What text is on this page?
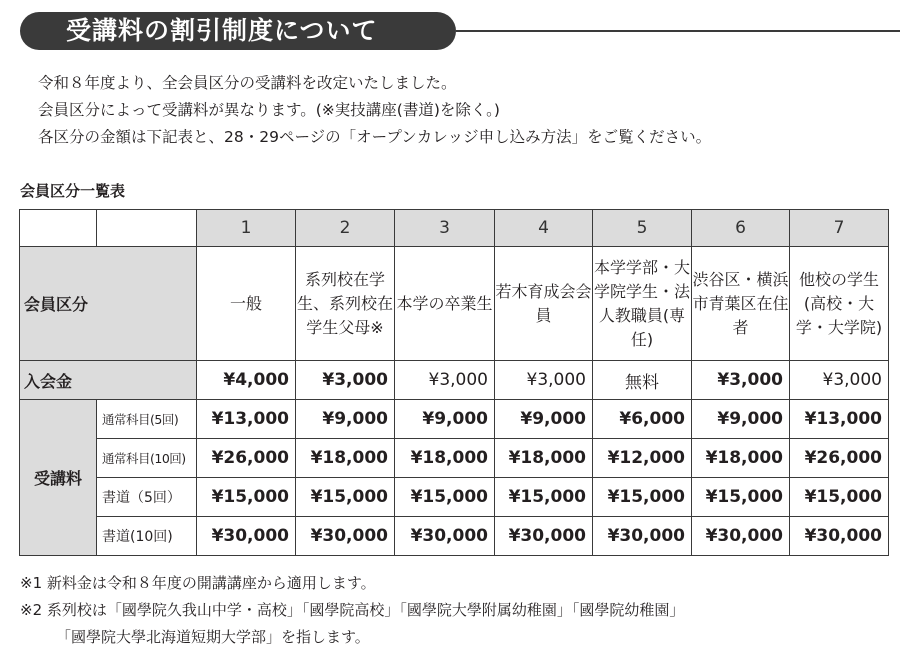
受講料の割引制度について

令和８年度より、全会員区分の受講料を改定いたしました。

会員区分によって受講料が異なります。(※実技講座(書道)を除く。)

各区分の金額は下記表と、28・29ページの「オープンカレッジ申し込み方法」をご覧ください。

会員区分一覧表
		1	2	3	4	5	6	7
会員区分		一般	系列校在学生、系列校在学生父母※	本学の卒業生	若木育成会会員	本学学部・大学院学生・法人教職員(専任)	渋谷区・横浜市青葉区在住者	他校の学生(高校・大学・大学院)
入会金		¥4,000	¥3,000	¥3,000	¥3,000	無料	¥3,000	¥3,000
受講料	通常科目(5回)	¥13,000	¥9,000	¥9,000	¥9,000	¥6,000	¥9,000	¥13,000
	通常科目(10回)	¥26,000	¥18,000	¥18,000	¥18,000	¥12,000	¥18,000	¥26,000
	書道（5回）	¥15,000	¥15,000	¥15,000	¥15,000	¥15,000	¥15,000	¥15,000
	書道(10回)	¥30,000	¥30,000	¥30,000	¥30,000	¥30,000	¥30,000	¥30,000

※1 新料金は令和８年度の開講講座から適用します。

※2 系列校は「國學院久我山中学・高校」「國學院高校」「國學院大學附属幼稚園」「國學院幼稚園」

「國學院大學北海道短期大学部」を指します。
